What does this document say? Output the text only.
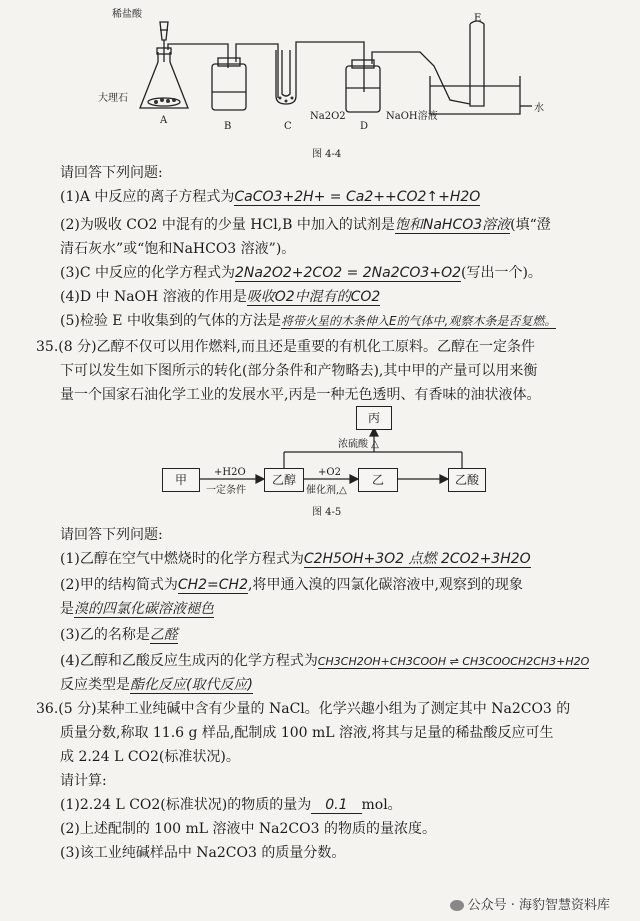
稀盐酸
大理石
A
B	C
Na2O2
D
NaOH溶液
E
水
图 4-4
请回答下列问题:
(1)A 中反应的离子方程式为CaCO3+2H+ = Ca2++CO2↑+H2O
(2)为吸收 CO2 中混有的少量 HCl,B 中加入的试剂是饱和NaHCO3溶液(填“澄
清石灰水”或“饱和NaHCO3 溶液”)。
(3)C 中反应的化学方程式为2Na2O2+2CO2 = 2Na2CO3+O2(写出一个)。
(4)D 中 NaOH 溶液的作用是吸收O2中混有的CO2
(5)检验 E 中收集到的气体的方法是将带火星的木条伸入E的气体中,观察木条是否复燃。
35.(8 分)乙醇不仅可以用作燃料,而且还是重要的有机化工原料。乙醇在一定条件
下可以发生如下图所示的转化(部分条件和产物略去),其中甲的产量可以用来衡
量一个国家石油化学工业的发展水平,丙是一种无色透明、有香味的油状液体。
甲	乙醇	乙	乙酸
丙
+H2O
一定条件
+O2
催化剂,△
浓硫酸 △
图 4-5
请回答下列问题:
(1)乙醇在空气中燃烧时的化学方程式为C2H5OH+3O2 点燃 2CO2+3H2O
(2)甲的结构简式为CH2=CH2,将甲通入溴的四氯化碳溶液中,观察到的现象
是溴的四氯化碳溶液褪色
(3)乙的名称是乙醛
(4)乙醇和乙酸反应生成丙的化学方程式为CH3CH2OH+CH3COOH ⇌ CH3COOCH2CH3+H2O
反应类型是酯化反应(取代反应)
36.(5 分)某种工业纯碱中含有少量的 NaCl。化学兴趣小组为了测定其中 Na2CO3 的
质量分数,称取 11.6 g 样品,配制成 100 mL 溶液,将其与足量的稀盐酸反应可生
成 2.24 L CO2(标准状况)。
请计算:
(1)2.24 L CO2(标准状况)的物质的量为 0.1 mol。
(2)上述配制的 100 mL 溶液中 Na2CO3 的物质的量浓度。
(3)该工业纯碱样品中 Na2CO3 的质量分数。
公众号 · 海豹智慧资料库
